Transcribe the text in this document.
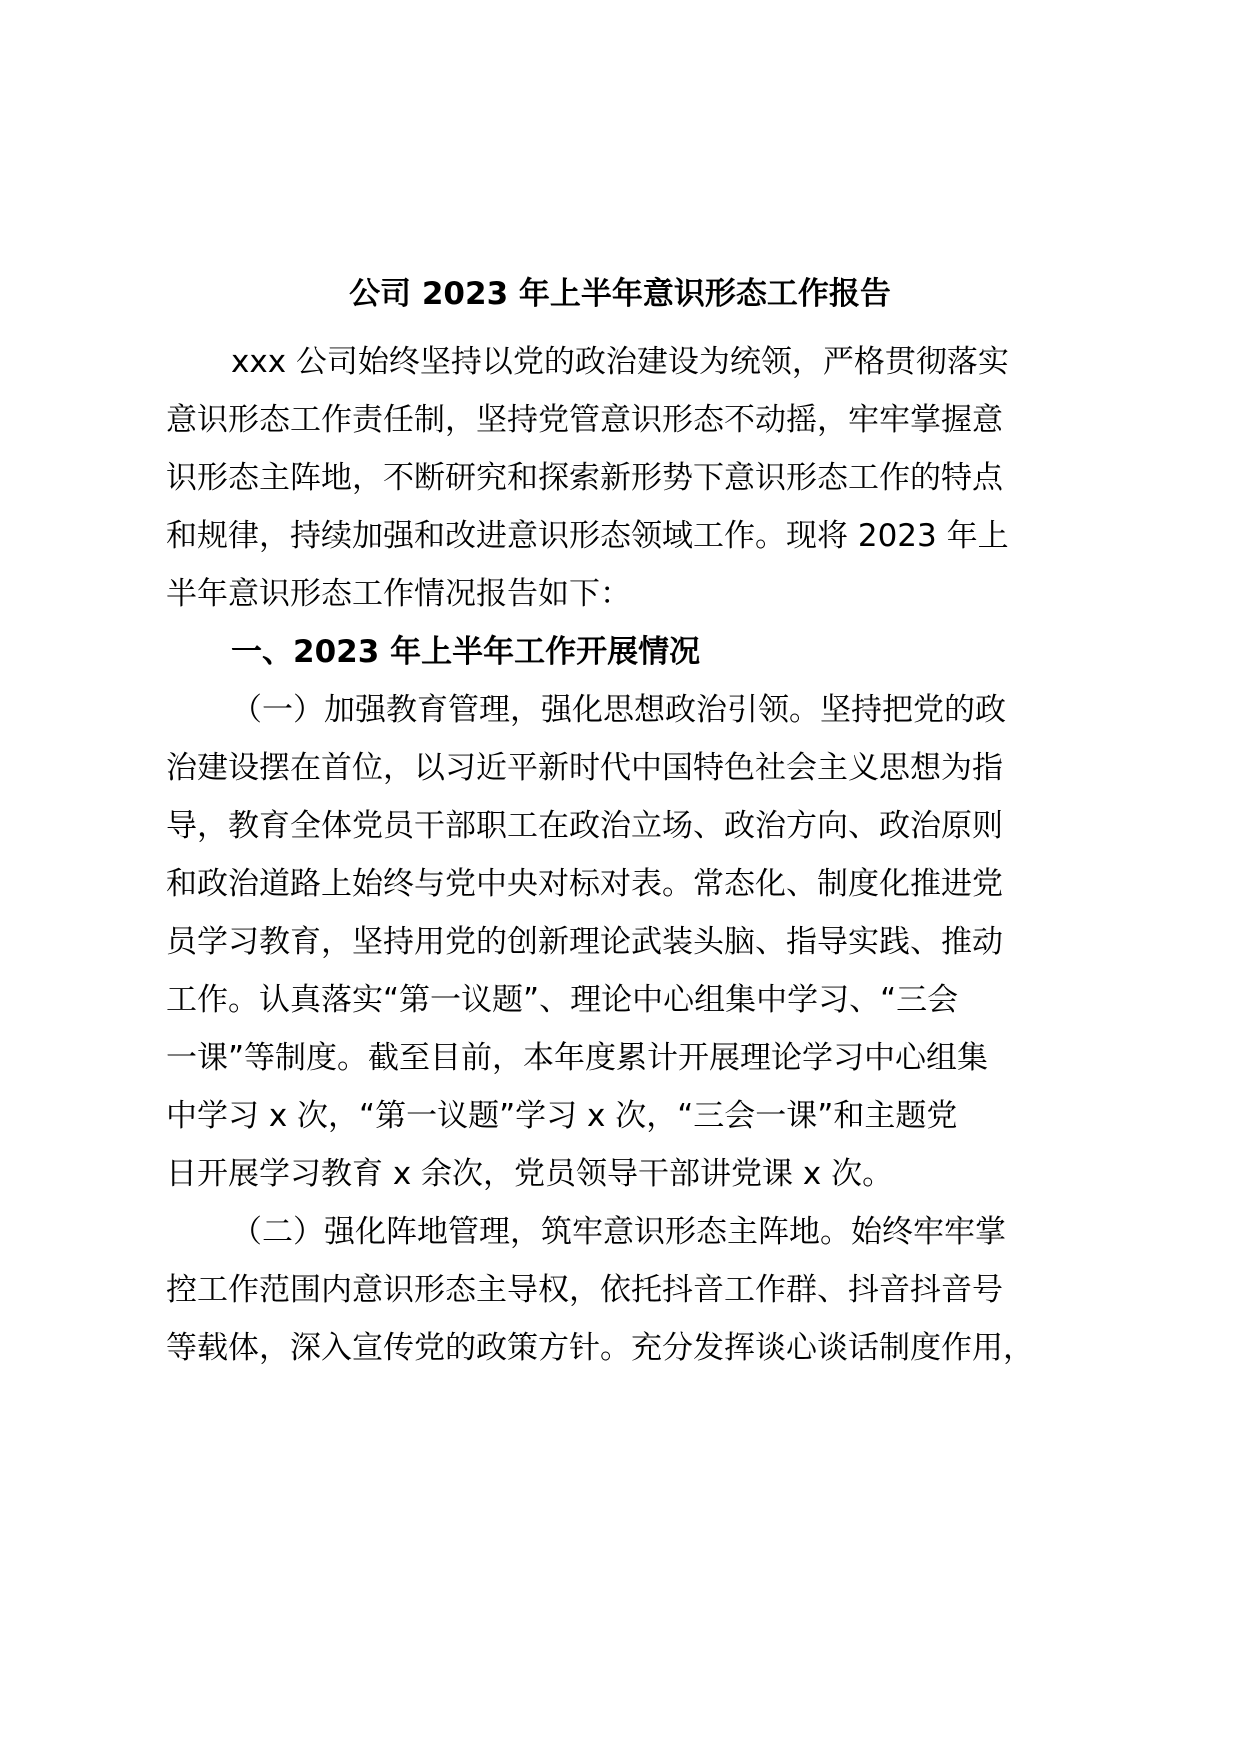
公司 2023 年上半年意识形态工作报告

xxx 公司始终坚持以党的政治建设为统领，严格贯彻落实

意识形态工作责任制，坚持党管意识形态不动摇，牢牢掌握意

识形态主阵地，不断研究和探索新形势下意识形态工作的特点

和规律，持续加强和改进意识形态领域工作。现将 2023 年上

半年意识形态工作情况报告如下：

一、2023 年上半年工作开展情况

（一）加强教育管理，强化思想政治引领。坚持把党的政

治建设摆在首位，以习近平新时代中国特色社会主义思想为指

导，教育全体党员干部职工在政治立场、政治方向、政治原则

和政治道路上始终与党中央对标对表。常态化、制度化推进党

员学习教育，坚持用党的创新理论武装头脑、指导实践、推动

工作。认真落实“第一议题”、理论中心组集中学习、“三会

一课”等制度。截至目前，本年度累计开展理论学习中心组集

中学习 x 次，“第一议题”学习 x 次，“三会一课”和主题党

日开展学习教育 x 余次，党员领导干部讲党课 x 次。

（二）强化阵地管理，筑牢意识形态主阵地。始终牢牢掌

控工作范围内意识形态主导权，依托抖音工作群、抖音抖音号

等载体，深入宣传党的政策方针。充分发挥谈心谈话制度作用，
